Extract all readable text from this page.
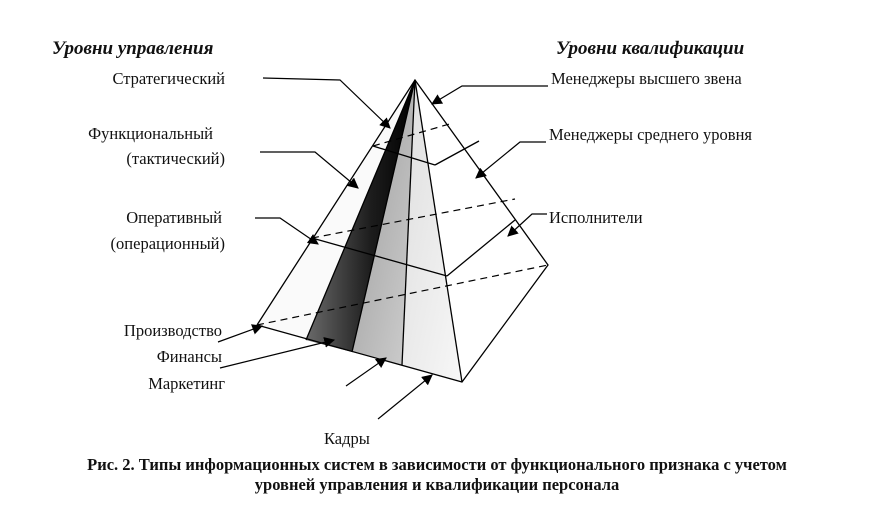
Уровни управления	Уровни квалификации
Стратегический
Функциональный
(тактический)
Оперативный
(операционный)
Производство
Финансы
Маркетинг
Кадры
Менеджеры высшего звена
Менеджеры среднего уровня
Исполнители
Рис. 2. Типы информационных систем в зависимости от функционального признака с учетом
уровней управления и квалификации персонала
